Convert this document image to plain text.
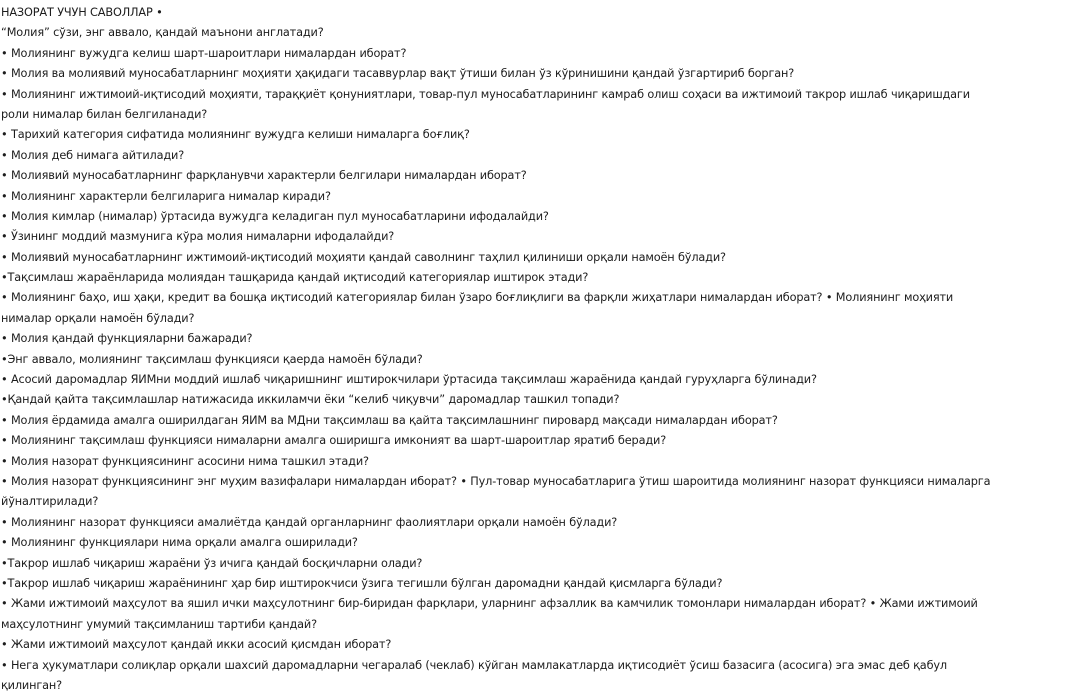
НАЗОРАТ УЧУН САВОЛЛАР •
“Молия” сўзи, энг аввало, қандай маънони англатади?
• Молиянинг вужудга келиш шарт-шароитлари нималардан иборат?
• Молия ва молиявий муносабатларнинг моҳияти ҳақидаги тасаввурлар вақт ўтиши билан ўз кўринишини қандай ўзгартириб борган?
• Молиянинг ижтимоий-иқтисодий моҳияти, тараққиёт қонуниятлари, товар-пул муносабатларининг камраб олиш соҳаси ва ижтимоий такрор ишлаб чиқаришдаги
роли нималар билан белгиланади?
• Тарихий категория сифатида молиянинг вужудга келиши нималарга боғлиқ?
• Молия деб нимага айтилади?
• Молиявий муносабатларнинг фарқланувчи характерли белгилари нималардан иборат?
• Молиянинг характерли белгиларига нималар киради?
• Молия кимлар (нималар) ўртасида вужудга келадиган пул муносабатларини ифодалайди?
• Ўзининг моддий мазмунига кўра молия нималарни ифодалайди?
• Молиявий муносабатларнинг ижтимоий-иқтисодий моҳияти қандай саволнинг таҳлил қилиниши орқали намоён бўлади?
•Тақсимлаш жараёнларида молиядан ташқарида қандай иқтисодий категориялар иштирок этади?
• Молиянинг баҳо, иш ҳақи, кредит ва бошқа иқтисодий категориялар билан ўзаро боғлиқлиги ва фарқли жиҳатлари нималардан иборат? • Молиянинг моҳияти
нималар орқали намоён бўлади?
• Молия қандай функцияларни бажаради?
•Энг аввало, молиянинг тақсимлаш функцияси қаерда намоён бўлади?
• Асосий даромадлар ЯИМни моддий ишлаб чиқаришнинг иштирокчилари ўртасида тақсимлаш жараёнида қандай гуруҳларга бўлинади?
•Қандай қайта тақсимлашлар натижасида иккиламчи ёки “келиб чиқувчи” даромадлар ташкил топади?
• Молия ёрдамида амалга оширилдаган ЯИМ ва МДни тақсимлаш ва қайта тақсимлашнинг пировард мақсади нималардан иборат?
• Молиянинг тақсимлаш функцияси нималарни амалга оширишга имконият ва шарт-шароитлар яратиб беради?
• Молия назорат функциясининг асосини нима ташкил этади?
• Молия назорат функциясининг энг муҳим вазифалари нималардан иборат? • Пул-товар муносабатларига ўтиш шароитида молиянинг назорат функцияси нималарга
йўналтирилади?
• Молиянинг назорат функцияси амалиётда қандай органларнинг фаолиятлари орқали намоён бўлади?
• Молиянинг функциялари нима орқали амалга оширилади?
•Такрор ишлаб чиқариш жараёни ўз ичига қандай босқичларни олади?
•Такрор ишлаб чиқариш жараёнининг ҳар бир иштирокчиси ўзига тегишли бўлган даромадни қандай қисмларга бўлади?
• Жами ижтимоий маҳсулот ва яшил ички маҳсулотнинг бир-биридан фарқлари, уларнинг афзаллик ва камчилик томонлари нималардан иборат? • Жами ижтимоий
маҳсулотнинг умумий тақсимланиш тартиби қандай?
• Жами ижтимоий маҳсулот қандай икки асосий қисмдан иборат?
• Нега ҳукуматлари солиқлар орқали шахсий даромадларни чегаралаб (чеклаб) кўйган мамлакатларда иқтисодиёт ўсиш базасига (асосига) эга эмас деб қабул
қилинган?
